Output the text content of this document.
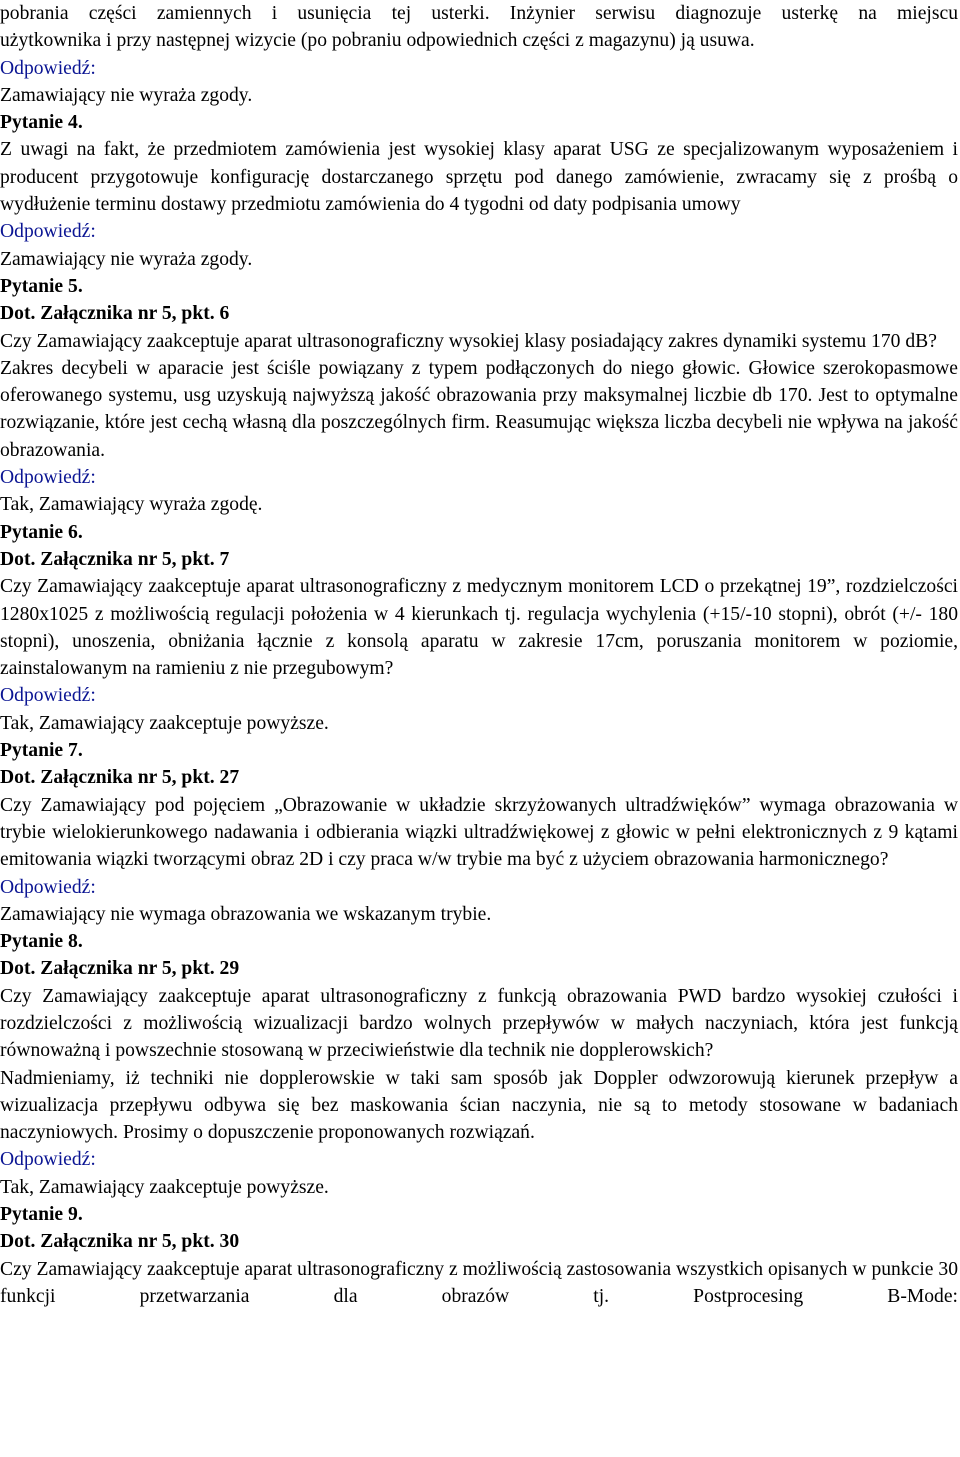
pobrania części zamiennych i usunięcia tej usterki. Inżynier serwisu diagnozuje usterkę na miejscu
użytkownika i przy następnej wizycie (po pobraniu odpowiednich części z magazynu) ją usuwa.
Odpowiedź:
Zamawiający nie wyraża zgody.
Pytanie 4.
Z uwagi na fakt, że przedmiotem zamówienia jest wysokiej klasy aparat USG ze specjalizowanym wyposażeniem i producent przygotowuje konfigurację dostarczanego sprzętu pod danego zamówienie, zwracamy się z prośbą o wydłużenie terminu dostawy przedmiotu zamówienia do 4 tygodni od daty podpisania umowy
Odpowiedź:
Zamawiający nie wyraża zgody.
Pytanie 5.
Dot. Załącznika nr 5, pkt. 6
Czy Zamawiający zaakceptuje aparat ultrasonograficzny wysokiej klasy posiadający zakres dynamiki systemu 170 dB?
Zakres decybeli w aparacie jest ściśle powiązany z typem podłączonych do niego głowic. Głowice szerokopasmowe oferowanego systemu, usg uzyskują najwyższą jakość obrazowania przy maksymalnej liczbie db 170. Jest to optymalne rozwiązanie, które jest cechą własną dla poszczególnych firm. Reasumując większa liczba decybeli nie wpływa na jakość obrazowania.
Odpowiedź:
Tak, Zamawiający wyraża zgodę.
Pytanie 6.
Dot. Załącznika nr 5, pkt. 7
Czy Zamawiający zaakceptuje aparat ultrasonograficzny z medycznym monitorem LCD o przekątnej 19”, rozdzielczości 1280x1025 z możliwością regulacji położenia w 4 kierunkach tj. regulacja wychylenia (+15/-10 stopni), obrót (+/- 180 stopni), unoszenia, obniżania łącznie z konsolą aparatu w zakresie 17cm, poruszania monitorem w poziomie, zainstalowanym na ramieniu z nie przegubowym?
Odpowiedź:
Tak, Zamawiający zaakceptuje powyższe.
Pytanie 7.
Dot. Załącznika nr 5, pkt. 27
Czy Zamawiający pod pojęciem „Obrazowanie w układzie skrzyżowanych ultradźwięków” wymaga obrazowania w trybie wielokierunkowego nadawania i odbierania wiązki ultradźwiękowej z głowic w pełni elektronicznych z 9 kątami emitowania wiązki tworzącymi obraz 2D i czy praca w/w trybie ma być z użyciem obrazowania harmonicznego?
Odpowiedź:
Zamawiający nie wymaga obrazowania we wskazanym trybie.
Pytanie 8.
Dot. Załącznika nr 5, pkt. 29
Czy Zamawiający zaakceptuje aparat ultrasonograficzny z funkcją obrazowania PWD bardzo wysokiej czułości i rozdzielczości z możliwością wizualizacji bardzo wolnych przepływów w małych naczyniach, która jest funkcją równoważną i powszechnie stosowaną w przeciwieństwie dla technik nie dopplerowskich?
Nadmieniamy, iż techniki nie dopplerowskie w taki sam sposób jak Doppler odwzorowują kierunek przepływ a wizualizacja przepływu odbywa się bez maskowania ścian naczynia, nie są to metody stosowane w badaniach naczyniowych. Prosimy o dopuszczenie proponowanych rozwiązań.
Odpowiedź:
Tak, Zamawiający zaakceptuje powyższe.
Pytanie 9.
Dot. Załącznika nr 5, pkt. 30
Czy Zamawiający zaakceptuje aparat ultrasonograficzny z możliwością zastosowania wszystkich opisanych w punkcie 30 funkcji przetwarzania dla obrazów tj. Postprocesing B-Mode:
